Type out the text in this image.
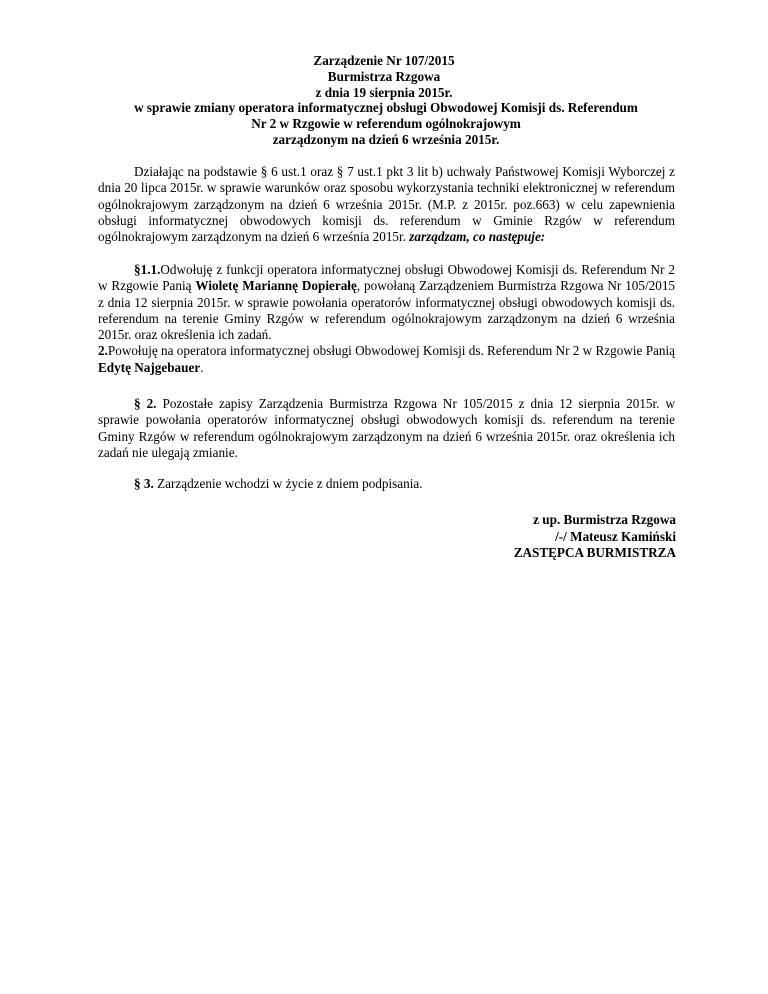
Zarządzenie Nr 107/2015
Burmistrza Rzgowa
z dnia 19 sierpnia 2015r.
w sprawie zmiany operatora informatycznej obsługi Obwodowej Komisji ds. Referendum
Nr 2 w Rzgowie w referendum ogólnokrajowym
zarządzonym na dzień 6 września 2015r.
Działając na podstawie § 6 ust.1 oraz § 7 ust.1 pkt 3 lit b) uchwały Państwowej Komisji Wyborczej z dnia 20 lipca 2015r. w sprawie warunków oraz sposobu wykorzystania techniki elektronicznej w referendum ogólnokrajowym zarządzonym na dzień 6 września 2015r. (M.P. z 2015r. poz.663) w celu zapewnienia obsługi informatycznej obwodowych komisji ds. referendum w Gminie Rzgów w referendum ogólnokrajowym zarządzonym na dzień 6 września 2015r. zarządzam, co następuje:
§1.1.Odwołuję z funkcji operatora informatycznej obsługi Obwodowej Komisji ds. Referendum Nr 2 w Rzgowie Panią Wioletę Mariannę Dopierałę, powołaną Zarządzeniem Burmistrza Rzgowa Nr 105/2015 z dnia 12 sierpnia 2015r. w sprawie powołania operatorów informatycznej obsługi obwodowych komisji ds. referendum na terenie Gminy Rzgów w referendum ogólnokrajowym zarządzonym na dzień 6 września 2015r. oraz określenia ich zadań.
2.Powołuję na operatora informatycznej obsługi Obwodowej Komisji ds. Referendum Nr 2 w Rzgowie Panią Edytę Najgebauer.
§ 2. Pozostałe zapisy Zarządzenia Burmistrza Rzgowa Nr 105/2015 z dnia 12 sierpnia 2015r. w sprawie powołania operatorów informatycznej obsługi obwodowych komisji ds. referendum na terenie Gminy Rzgów w referendum ogólnokrajowym zarządzonym na dzień 6 września 2015r. oraz określenia ich zadań nie ulegają zmianie.
§ 3. Zarządzenie wchodzi w życie z dniem podpisania.
z up. Burmistrza Rzgowa
/-/ Mateusz Kamiński
ZASTĘPCA BURMISTRZA
